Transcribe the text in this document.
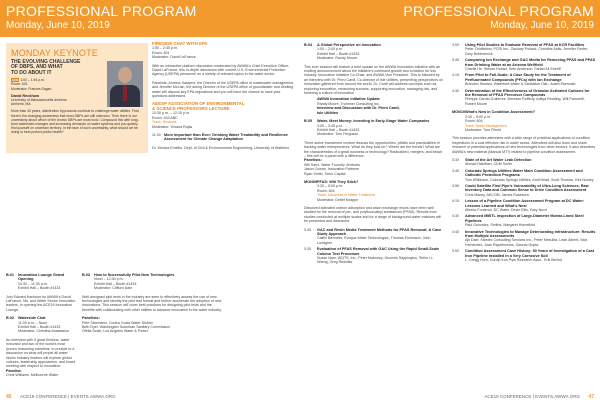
PROFESSIONAL PROGRAM
Monday, June 10, 2019
MONDAY KEYNOTE
THE EVOLVING CHALLENGE
OF DBPS, AND WHAT
TO DO ABOUT IT
ACE 1:00 – 1:45 p.m.
Room: 601
Moderator: Frances Eagan
David Reckhow
University of Massachusetts Amherst
Amherst, MA
More than 40 years, disinfection byproducts continue to challenge water utilities. First, there's the changing awareness that most DBPs are still unknown. Then there is our uncertainty about which of the known DBPs are most toxic. Compound this with long-term watershed changes and increasing demands on water systems and you quickly find yourself on uncertain territory. In the face of such uncertainty, what should we be doing to best protect public health?
FIRESIDE CHAT WITH EPA
1:50 – 2:45 p.m.
Room: 601
Moderator: David LaFrance
With an interactive platform discussion moderated by AWWA's Chief Executive Officer, David LaFrance, this in-depth discussion with current U.S. Environmental Protection Agency (USEPA) personnel on a variety of relevant topics in the water sector.
Panelists: Andrew Sawyers, the Director of the USEPA office of wastewater management and Jennifer McLain, the acting Director of the USEPA office of groundwater and drinking water will discuss key EPA regulations and you will have the chance to have your questions addressed.
AEESP ASSOCIATION OF ENVIRONMENTAL
& SCIENCE PROFESSORS LECTURE
12:30 p.m. – 12:15 p.m.
Room: 403 ABC
Track: Reviews
Moderator: Yovana Rojas
11:00 More Important than Ever: Drinking Water Treatability and Resilience Assessment for Climate Change Adaptation
Dr. Monica Emelko, Dept. of Civil & Environmental Engineering, University of Waterloo
B.01	Innovation Lounge Grand Opening
10:30 – 11:30 a.m.
Exhibit Hall – Booth #1433
Join Edward Hanloser by AWWA's David LaFrance, Ms. and Water Sector Innovation leaders, in opening the ACE19 Innovation Lounge.
B.02	Waterside Chat
11:00 a.m. – Noon
Exhibit Hall – Booth #1433
Moderator: Christina Anastasiou
An interview with 5 great thinkers, water innovator and two of the world's most proven reasoning scientists, to preside to a discussion on what will propel all water sector industry leaders will explore global cultures, leadership approaches, and board meeting with respect to innovation.
Panelist:
Chris Williams, Melbourne Water
B.03	How to Successfully Pilot New Technologies
Noon – 12:30 p.m.
Exhibit Hall – Booth #1433
Moderator: Clifford Dale
Well-designed pilot tests in the industry are seen to effectively assess the use of new technologies and identify the pilot test format and further accelerate the adoption of new innovations. This session will cover best practices for designing pilot tests and the benefits with collaborating with other utilities to advance innovation in the water industry.
Panelists:
Pete Silverstein, Contra Costa Water District
Beth Dyer, Washington Suburban Sanitary Commission
Ofelia Scalo, Los Angeles Water & Power
46 ACE19 CONFERENCE | EVENTS.AWWA.ORG
PROFESSIONAL PROGRAM
Monday, June 10, 2019
B.04	A Global Perspective on Innovation
1:00 – 2:00 p.m.
Exhibit Hall – Booth #1433
Moderator: Randy Moore
This ever session will feature a brief update on the AWWA Innovation Initiative with an exciting announcement about the initiative's continued growth and evolution for this industry. Innovation Initiative Co-Chair, and AWWA Vice President. This is followed by an interview with Dr. Piero Cardi, Co-director of Isle Utilities, presenting perspectives on innovation gathered from around the world. Dr. Cardi will address concepts such as exploring innovation, measuring success, supporting innovation, managing risk, and fostering a culture of innovation.
AWWA Innovation Initiative Update
Randy Moore, Trummer Consulting Inc.
Interview and Discussion with Dr. Piero Cardi,
Isle Utilities
B.05	Water, Meet Money: Investing in Early-Stage Water Companies
3:00 – 3:45 p.m.
Exhibit Hall – Booth #1433
Moderator: Tom Ferguson
Three active investment venture discuss the opportunities, pitfalls and practicalities of backing water entrepreneurs. What do they look for? Where are the trends? What are the characteristics of a great business or technology? Radicalized, mergers, and beach – this will be a panel with a difference.
Panelists:
Will Sarni, Water Foundry Ventures
Jason Cowan, Innovation Partners
Ryan Smith, Tomo Capital
MON09 PFAS: Will They Stick?
3:30 – 5:00 p.m.
Room: 604
Track: Advances in Water Treatment
Moderator: Detlef Knappe
Dissolved activated carbon adsorption and anion exchange resins have been well studied for the removal of per- and polyfluoroalkyl substances (PFAS). Results from studies conducted at multiple scales and for a range of background water matrices will be presented and discussed.
3:30	GAC and Resin Media Treatment Methods for PFAS Removal: A Case Study Approach
Caitlin Bennetts, Evoqua Water Technologies, Thomas Eichmann, John Lundgren
3:30	Evaluation of PFAS Removal with GAC Using the Rapid Small-Scale Column Test Procedure
Susan Nam, WQTS, Inc.; Peter Mahoney, Gunnels Sappington, Shihe Li-Nheng, Greg Redzikis
3:00	Using Pilot Studies to Evaluate Removal of PFAS at KCR Facilities
Peter Chiaffaloni, PCRI Inc., Zachary Pollack, Christine Aldis, Jennifer Foster, Gary Nobbolmick
3:45	Comparing Ion Exchange and GAC Media for Removing PFAS and PFAS from Drinking Water at an Arizona Wellfield
Charlie He, Steven Hunter, Seth Anderson, Fahad Ali Sheriff
4:15	From Pilot to Full-Scale: A Case Study for the Treatment of Perfluorinated Compounds (PFCs) with Ion Exchange
Brandon Seward, Waterford Water & Sanitation Dist., Adam Ekerwald
4:30	Determination of the Effectiveness of Granular Activated Carbons for the Removal of PFAS Precursor Compounds
Philippe Cardet-Gutierrez, Brendan Rufferty, Aditya Redding, Will Parnuetti, Robert Moore
MON10 What's New in Condition Assessment?
3:30 – 5:00 p.m.
Room: 604
Track: Asset Management
Moderator: Tom Filorid
This session provides attendees with a wide range of practical applications of condition inspections in a cost effective risk in water sector. Attendees will also learn and share research of potential applications of new technologies from other sectors. It also describes AWWA's new material (Manual M77) related to pipeline condition assessment.
3:30	State of the Art Water Leak Detection
Ahmad Habibian, CDM Smith
3:45	Colorado Springs Utilities Water Main Condition Assessment and Cathodic Protection Programs
Tom Wilkinson, Colorado Springs Utilities, Andi Head, Scott Thomas, Kirk Nunley
3:55	Could Satellite Find Pipe's Vulnerability of Ultra-Long Sciences, Raw Inventory Data and Common Sense to Drive Condition Assessment
Chris Macey, AECOM, James Roseboro
4:15	Lesson of a Pipeline Condition Assessment Program at DC Water: Lessons Learned and What's Next
Alberto Fontenot, DC Water, Devin Ellis, Gary Novil
4:30	Advanced MIBTL Inspection of Large-Diameter Mortar-Lined Steel Pipelines
Paul Gonzalez, Smiths, Margaret Homefield
4:45	Innovative Technologies to Manage Deteriorating Infrastructure: Results from Multiple Assessments
Ajit Dael, Stantec Consulting Services Inc., Peter Mesuitta, Leah Alberti, Nick Fernandez, Juan Riquelmeoss, Gaurav Gupta
5:00	Condition Assessment Case History: 50 Years of Investigation of a Cast Iron Pipeline Installed in a Very Corrosive Soil
L. Gregg Horn, Gurdip Iron Pipe Research Assn., Erik Berhut
ACE19 CONFERENCE | EVENTS.AWWA.ORG 47
